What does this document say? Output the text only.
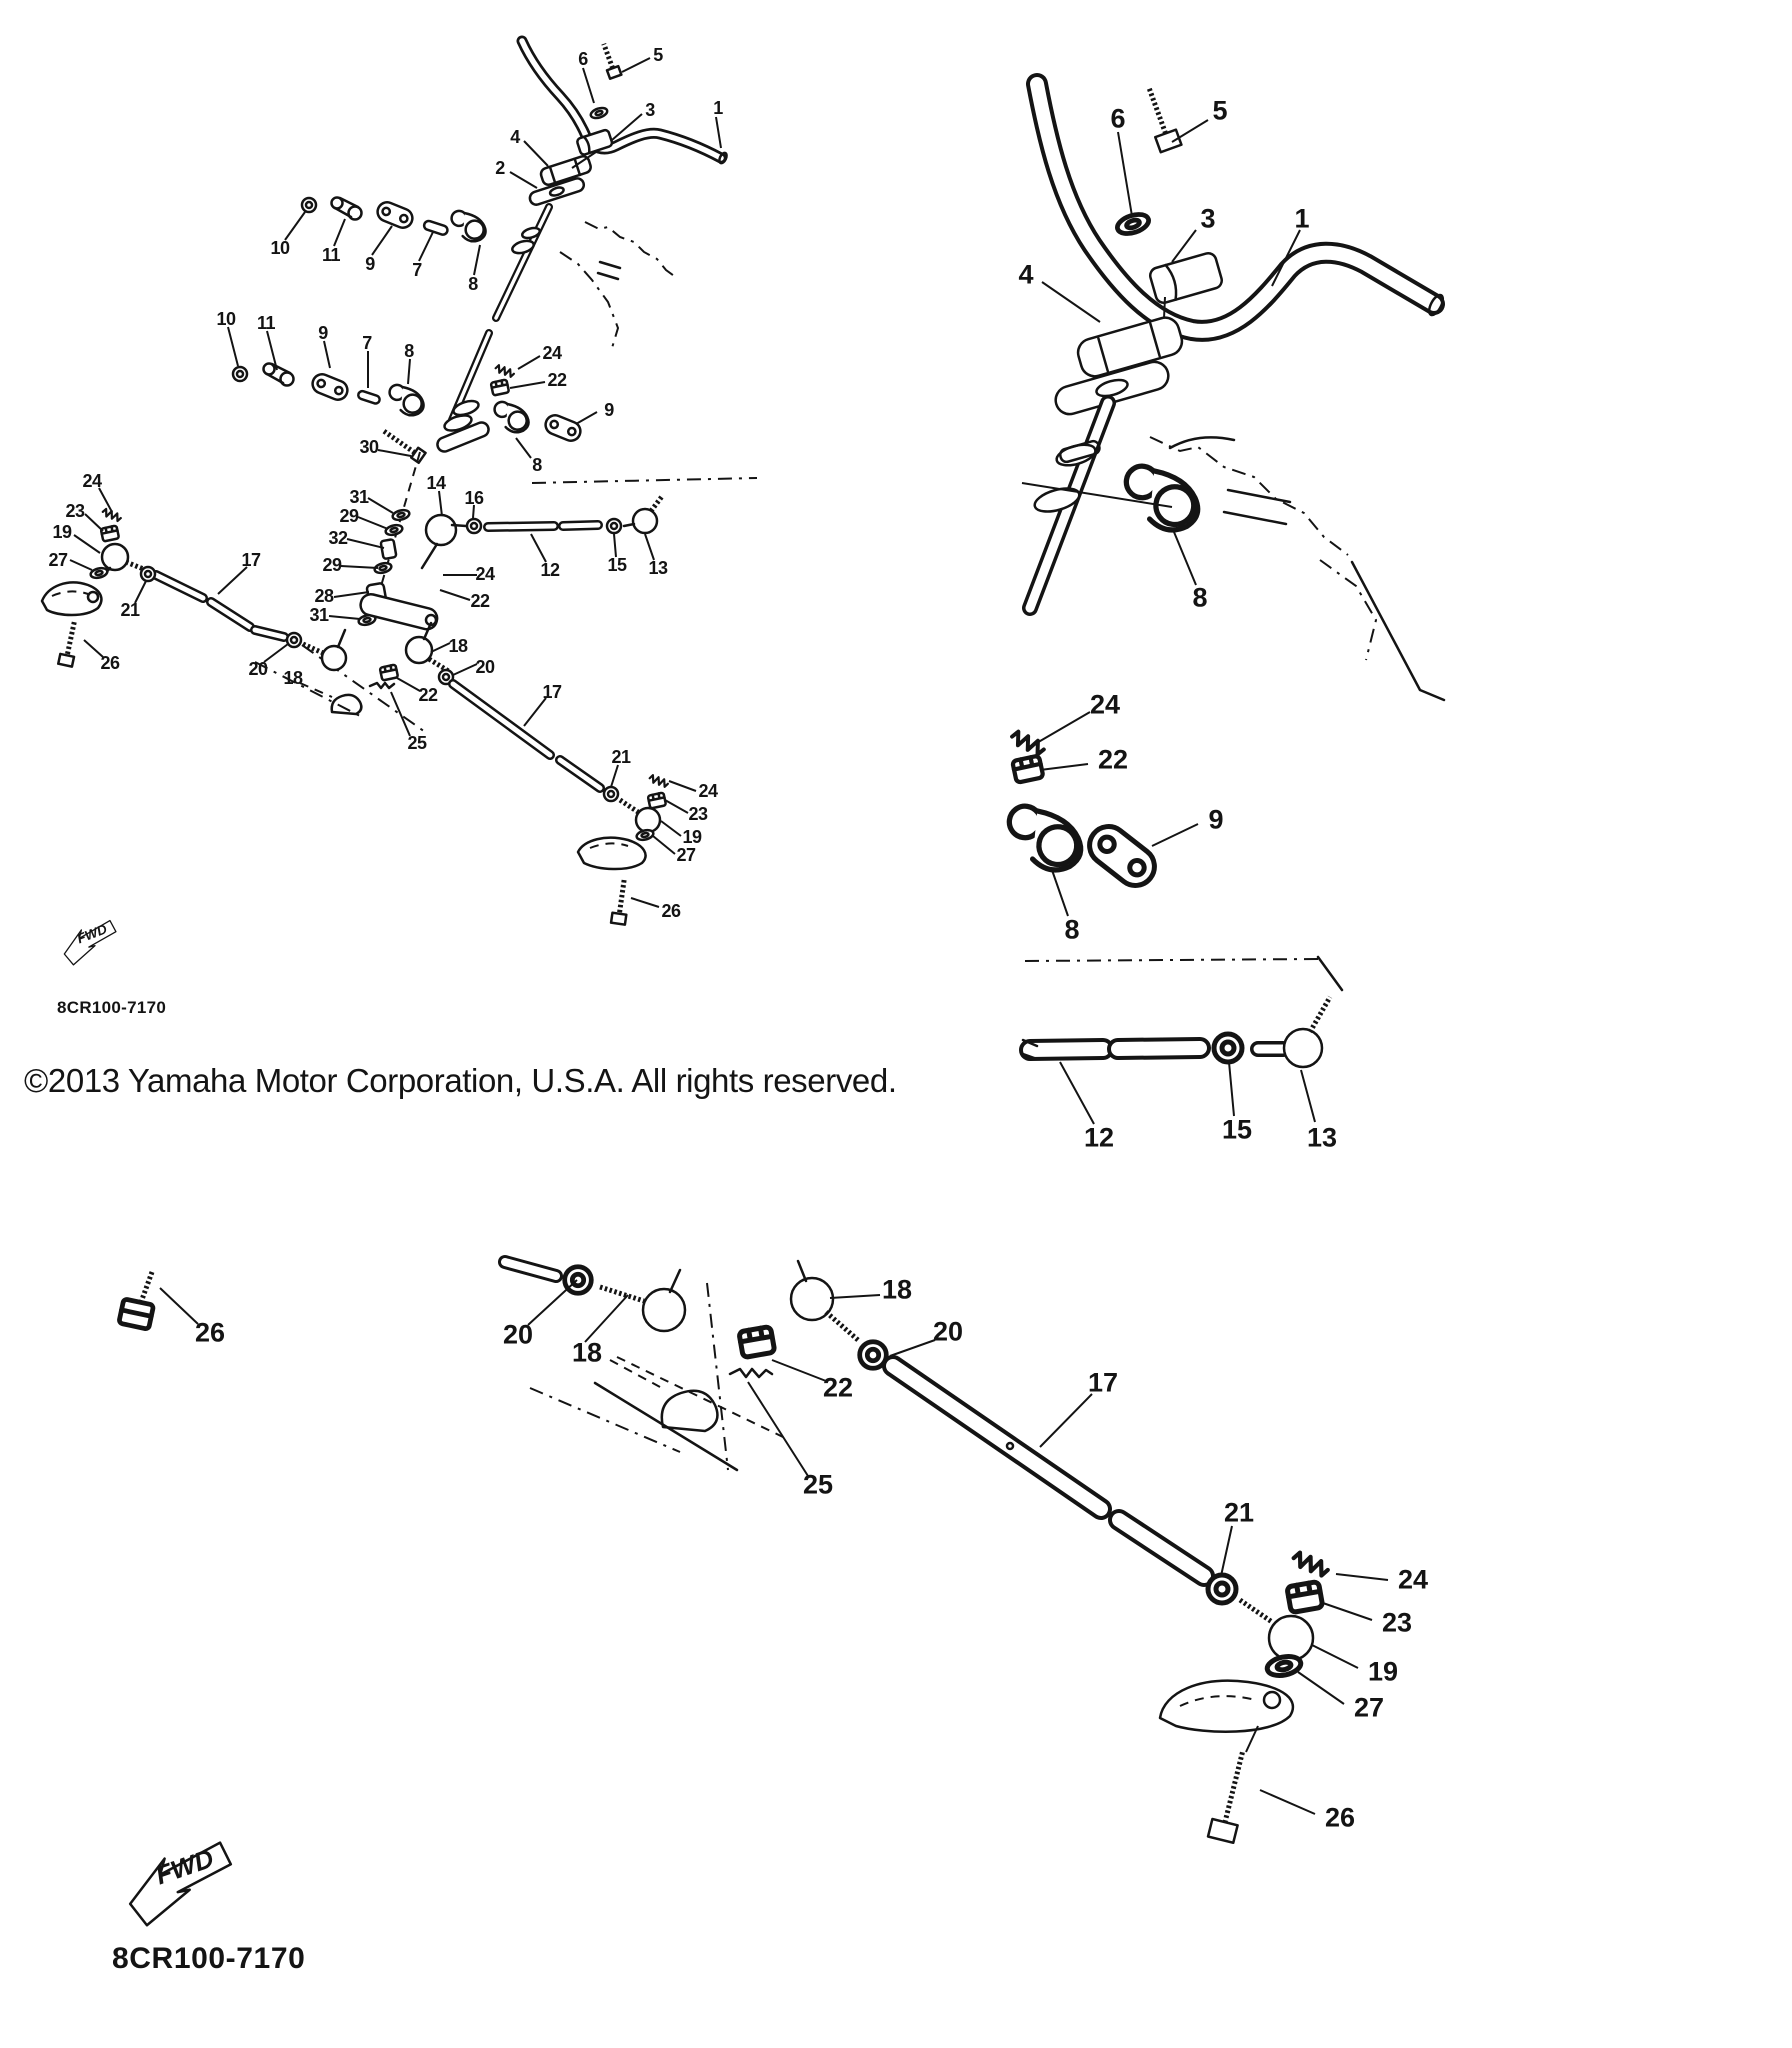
FWD
FWD
6	5
3	1
4
2
10 11 9 7
8
10 11 9 7 8	24
22
9
8
30
31
29
32
29
28
31
14
16
12	15 13
24
23
19
27
21
26
17
20 18
24
22
18
20
22
25
17
21
24
23
19
27
26
6	5
3	1
4
8
24
22
9
8
12	15 13
26	20
18
18
20
22
25
17
21
24
23
19
27
26
8CR100-7170
©2013 Yamaha Motor Corporation, U.S.A. All rights reserved.
8CR100-7170
